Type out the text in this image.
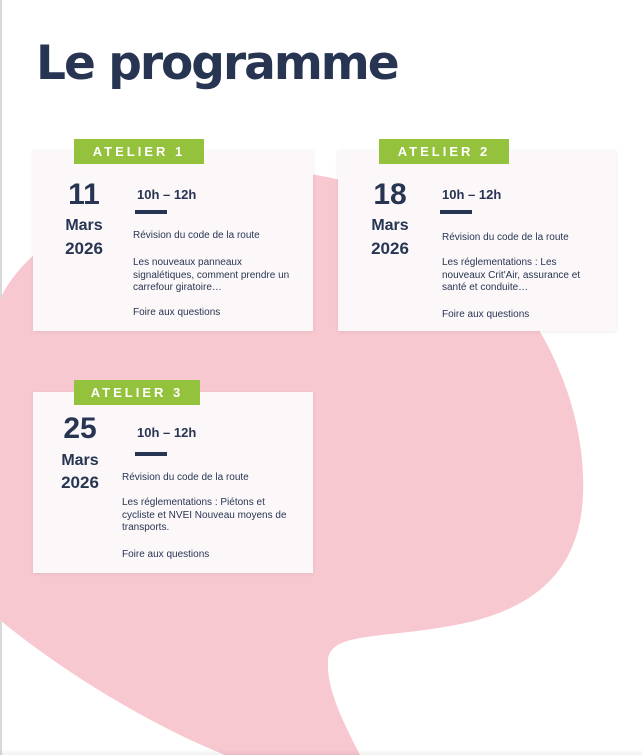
Le programme
ATELIER 1
11
Mars
2026
10h – 12h

Révision du code de la route

Les nouveaux panneaux signalétiques, comment prendre un carrefour giratoire…

Foire aux questions

ATELIER 2
18
Mars
2026
10h – 12h

Révision du code de la route

Les réglementations : Les nouveaux Crit'Air, assurance et santé et conduite…

Foire aux questions

ATELIER 3
25
Mars
2026
10h – 12h

Révision du code de la route

Les réglementations : Piétons et cycliste et NVEI Nouveau moyens de transports.

Foire aux questions
